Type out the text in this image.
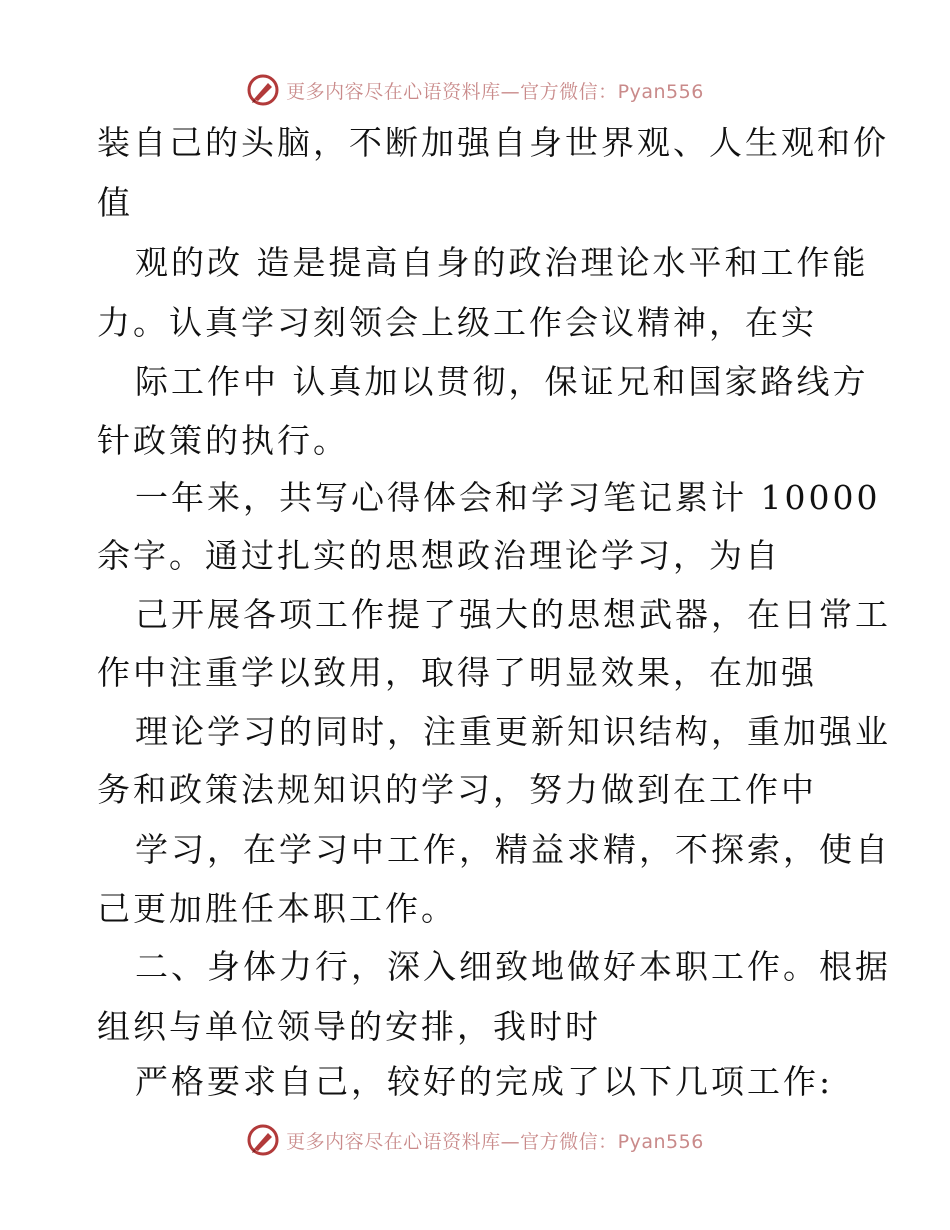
更多内容尽在心语资料库—官方微信：Pyan556
装自己的头脑，不断加强自身世界观、人生观和价
值
观的改 造是提高自身的政治理论水平和工作能
力。认真学习刻领会上级工作会议精神，在实
际工作中 认真加以贯彻，保证兄和国家路线方
针政策的执行。
一年来，共写心得体会和学习笔记累计 10000
余字。通过扎实的思想政治理论学习，为自
己开展各项工作提了强大的思想武器，在日常工
作中注重学以致用，取得了明显效果，在加强
理论学习的同时，注重更新知识结构，重加强业
务和政策法规知识的学习，努力做到在工作中
学习，在学习中工作，精益求精，不探索，使自
己更加胜任本职工作。
二、身体力行，深入细致地做好本职工作。根据
组织与单位领导的安排，我时时
严格要求自己，较好的完成了以下几项工作:
更多内容尽在心语资料库—官方微信：Pyan556
